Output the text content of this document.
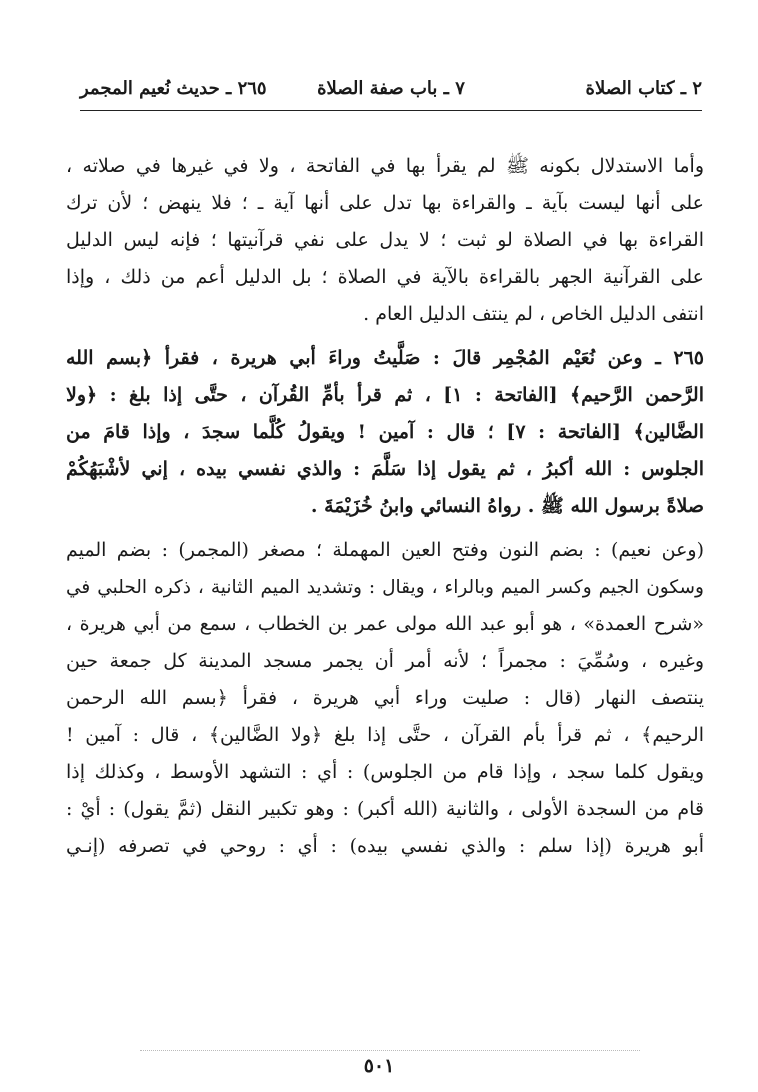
٢ ـ كتاب الصلاة
٧ ـ باب صفة الصلاة
٢٦٥ ـ حديث نُعيم المجمر
وأما الاستدلال بكونه ﷺ لم يقرأ بها في الفاتحة ، ولا في غيرها في صلاته ،
على أنها ليست بآية ـ والقراءة بها تدل على أنها آية ـ ؛ فلا ينهض ؛ لأن ترك
القراءة بها في الصلاة لو ثبت ؛ لا يدل على نفي قرآنيتها ؛ فإنه ليس الدليل
على القرآنية الجهر بالقراءة بالآية في الصلاة ؛ بل الدليل أعم من ذلك ، وإذا
انتفى الدليل الخاص ، لم ينتف الدليل العام .
٢٦٥ ـ وعن نُعَيْم المُجْمِر قالَ : صَلَّيتُ وراءَ أبي هريرة ، فقرأ ﴿بسم الله
الرَّحمن الرَّحيم﴾ [الفاتحة : ١] ، ثم قرأ بأمِّ القُرآن ، حتَّى إذا بلغ : ﴿ولا
الضَّالين﴾ [الفاتحة : ٧] ؛ قال : آمين ! ويقولُ كُلَّما سجدَ ، وإذا قامَ من
الجلوس : الله أكبرُ ، ثم يقول إذا سَلَّمَ : والذي نفسي بيده ، إني لأشْبَهُكُمْ
صلاةً برسول الله ﷺ . رواهُ النسائي وابنُ خُزَيْمَةَ .
(وعن نعيم) : بضم النون وفتح العين المهملة ؛ مصغر (المجمر) : بضم الميم
وسكون الجيم وكسر الميم وبالراء ، ويقال : وتشديد الميم الثانية ، ذكره الحلبي في
«شرح العمدة» ، هو أبو عبد الله مولى عمر بن الخطاب ، سمع من أبي هريرة ،
وغيره ، وسُمِّيَ : مجمراً ؛ لأنه أمر أن يجمر مسجد المدينة كل جمعة حين
ينتصف النهار (قال : صليت وراء أبي هريرة ، فقرأ ﴿بسم الله الرحمن
الرحيم﴾ ، ثم قرأ بأم القرآن ، حتَّى إذا بلغ ﴿ولا الضَّالين﴾ ، قال : آمين !
ويقول كلما سجد ، وإذا قام من الجلوس) : أي : التشهد الأوسط ، وكذلك إذا
قام من السجدة الأولى ، والثانية (الله أكبر) : وهو تكبير النقل (ثمَّ يقول) : أيْ :
أبو هريرة (إذا سلم : والذي نفسي بيده) : أي : روحي في تصرفه (إنـي
٥٠١
